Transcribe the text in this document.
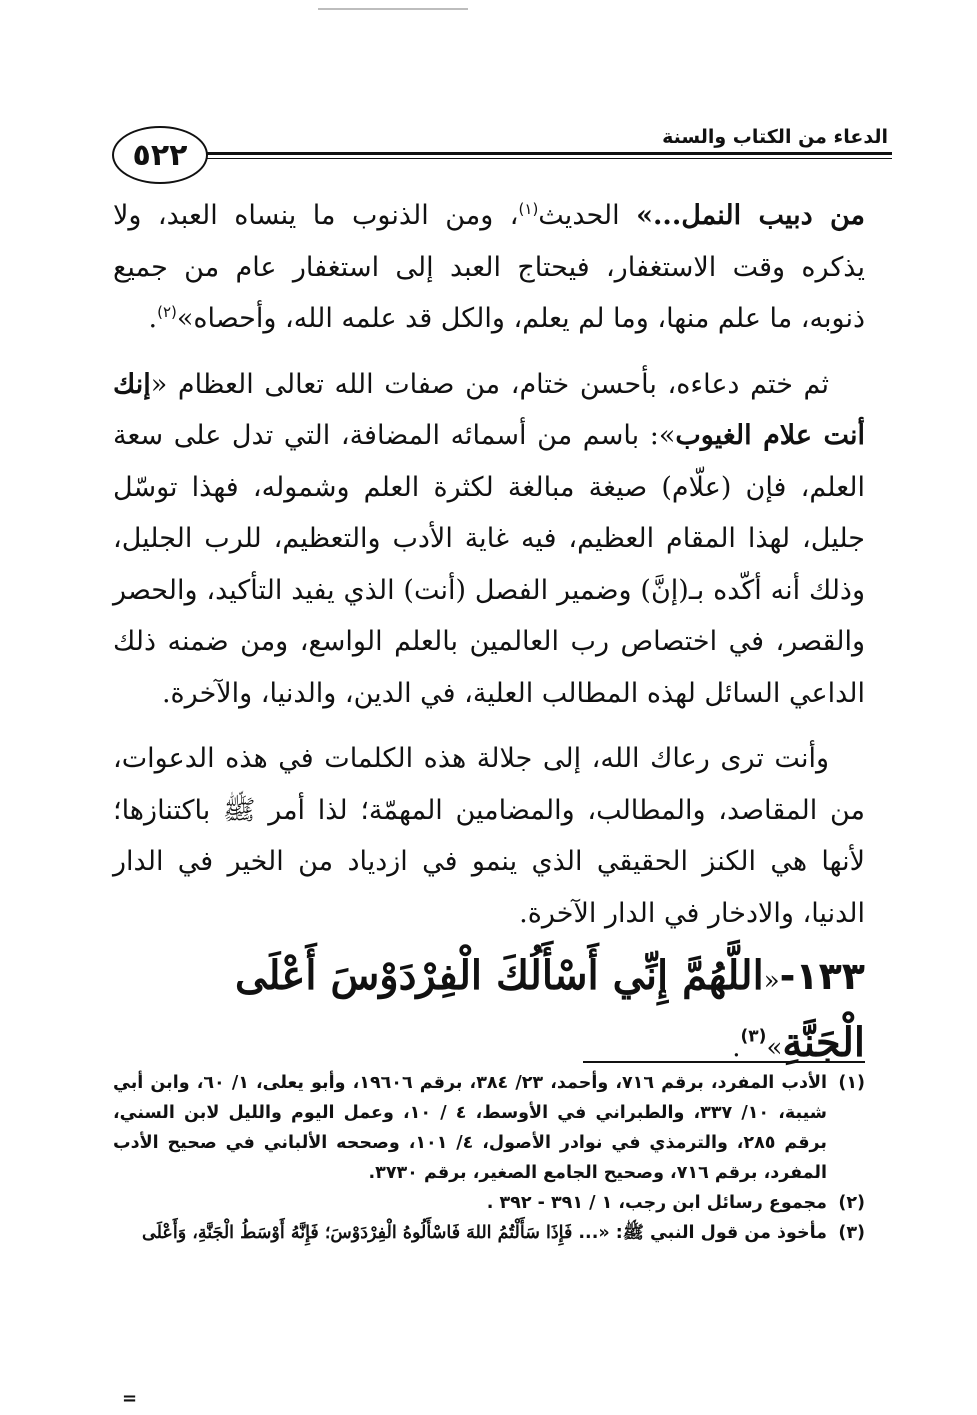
الدعاء من الكتاب والسنة
٥٢٢

من دبيب النمل...» الحديث$^{(١)}$، ومن الذنوب ما ينساه العبد، ولا يذكره وقت الاستغفار، فيحتاج العبد إلى استغفار عام من جميع ذنوبه، ما علم منها، وما لم يعلم، والكل قد علمه الله، وأحصاه»$^{(٢)}$.

ثم ختم دعاءه، بأحسن ختام، من صفات الله تعالى العظام «إنك أنت علام الغيوب»: باسم من أسمائه المضافة، التي تدل على سعة العلم، فإن (علّام) صيغة مبالغة لكثرة العلم وشموله، فهذا توسّل جليل، لهذا المقام العظيم، فيه غاية الأدب والتعظيم، للرب الجليل، وذلك أنه أكّده بـ(إنَّ) وضمير الفصل (أنت) الذي يفيد التأكيد، والحصر والقصر، في اختصاص رب العالمين بالعلم الواسع، ومن ضمنه ذلك الداعي السائل لهذه المطالب العلية، في الدين، والدنيا، والآخرة.

وأنت ترى رعاك الله، إلى جلالة هذه الكلمات في هذه الدعوات، من المقاصد، والمطالب، والمضامين المهمّة؛ لذا أمر ﷺ باكتنازها؛ لأنها هي الكنز الحقيقي الذي ينمو في ازدياد من الخير في الدار الدنيا، والادخار في الدار الآخرة.

١٣٣-«اللَّهُمَّ إِنِّي أَسْأَلُكَ الْفِرْدَوْسَ أَعْلَى الْجَنَّةِ»$^{(٣)}$.

(١)
الأدب المفرد، برقم ٧١٦، وأحمد، ٢٣/ ٣٨٤، برقم ١٩٦٠٦، وأبو يعلى، ١/ ٦٠، وابن أبي شيبة، ١٠/ ٣٣٧، والطبراني في الأوسط، ٤ / ١٠، وعمل اليوم والليل لابن السني، برقم ٢٨٥، والترمذي في نوادر الأصول، ٤/ ١٠١، وصححه الألباني في صحيح الأدب المفرد، برقم ٧١٦، وصحيح الجامع الصغير، برقم ٣٧٣٠.
(٢)
مجموع رسائل ابن رجب، ١ / ٣٩١ - ٣٩٢ .
(٣)
مأخوذ من قول النبي ﷺ: «... فَإِذَا سَأَلْتُمُ اللهَ فَاسْأَلُوهُ الْفِرْدَوْسَ؛ فَإِنَّهُ أَوْسَطُ الْجَنَّةِ، وَأَعْلَى
=
